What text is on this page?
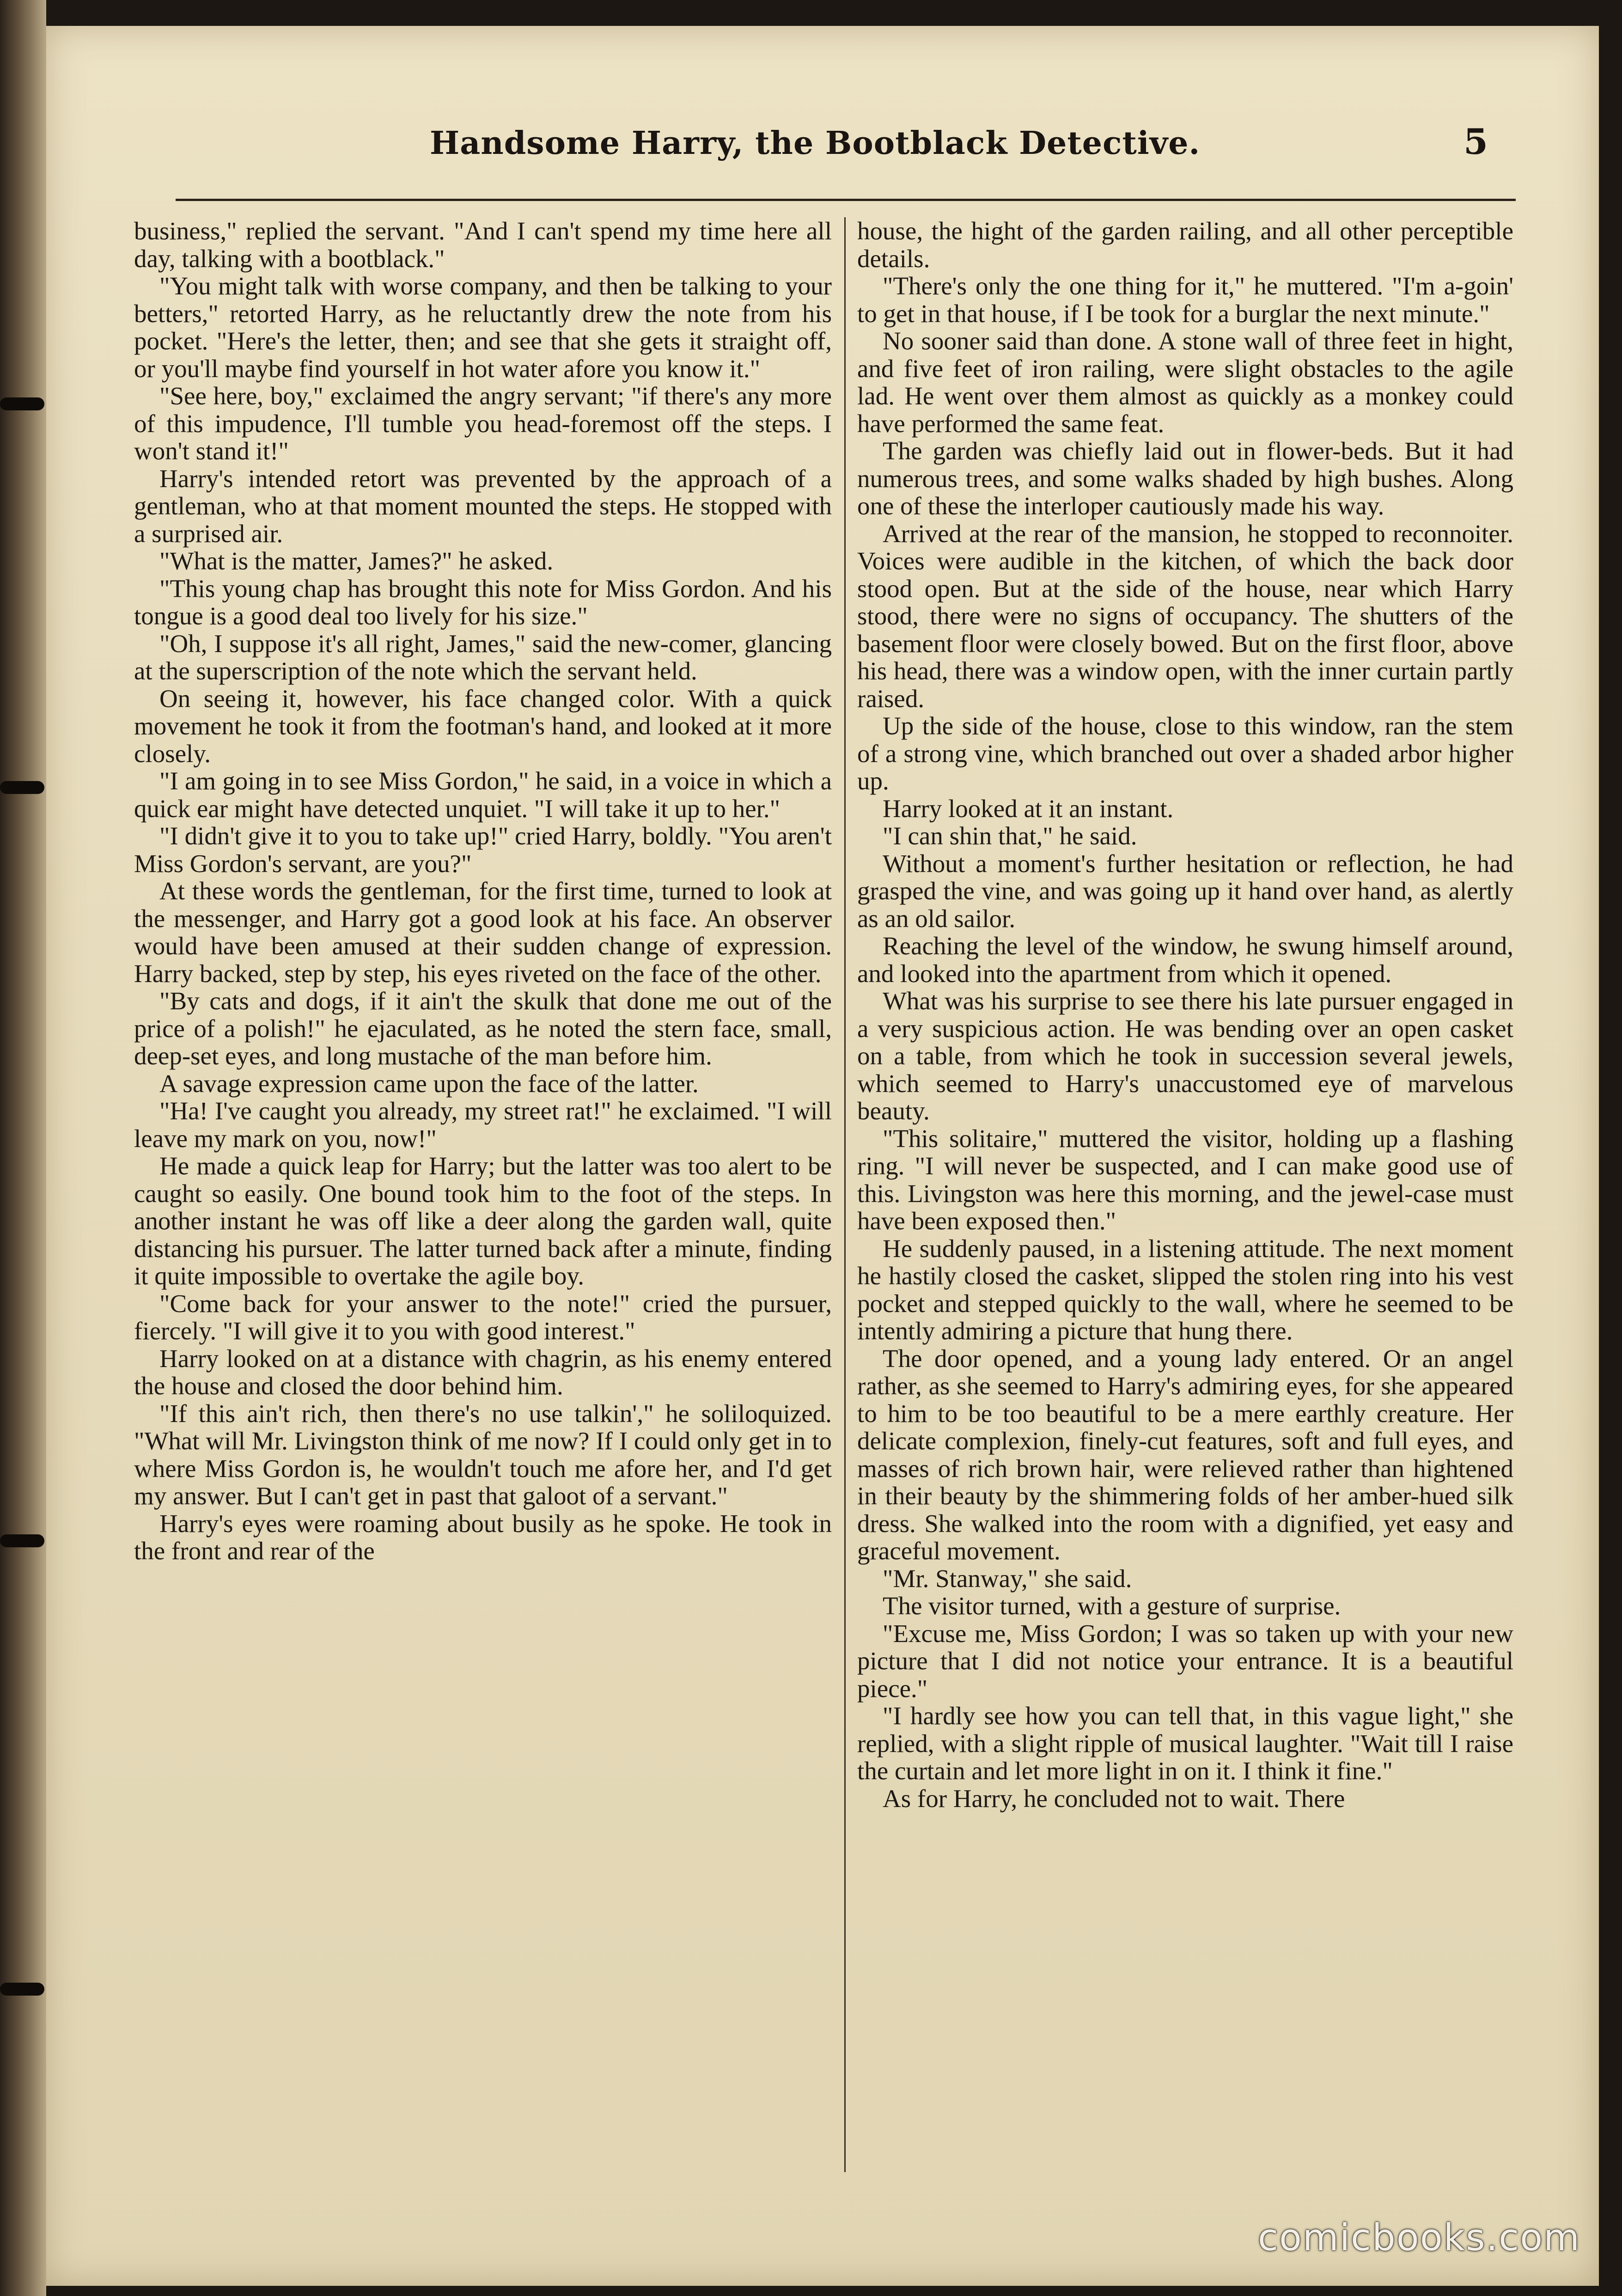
Handsome Harry, the Bootblack Detective.	5

business," replied the servant. "And I can't spend my time here all day, talking with a bootblack."

"You might talk with worse company, and then be talking to your betters," retorted Harry, as he reluctantly drew the note from his pocket. "Here's the letter, then; and see that she gets it straight off, or you'll maybe find yourself in hot water afore you know it."

"See here, boy," exclaimed the angry servant; "if there's any more of this impudence, I'll tumble you head-foremost off the steps. I won't stand it!"

Harry's intended retort was prevented by the approach of a gentleman, who at that moment mounted the steps. He stopped with a surprised air.

"What is the matter, James?" he asked.

"This young chap has brought this note for Miss Gordon. And his tongue is a good deal too lively for his size."

"Oh, I suppose it's all right, James," said the new-comer, glancing at the superscription of the note which the servant held.

On seeing it, however, his face changed color. With a quick movement he took it from the footman's hand, and looked at it more closely.

"I am going in to see Miss Gordon," he said, in a voice in which a quick ear might have detected unquiet. "I will take it up to her."

"I didn't give it to you to take up!" cried Harry, boldly. "You aren't Miss Gordon's servant, are you?"

At these words the gentleman, for the first time, turned to look at the messenger, and Harry got a good look at his face. An observer would have been amused at their sudden change of expression. Harry backed, step by step, his eyes riveted on the face of the other.

"By cats and dogs, if it ain't the skulk that done me out of the price of a polish!" he ejaculated, as he noted the stern face, small, deep-set eyes, and long mustache of the man before him.

A savage expression came upon the face of the latter.

"Ha! I've caught you already, my street rat!" he exclaimed. "I will leave my mark on you, now!"

He made a quick leap for Harry; but the latter was too alert to be caught so easily. One bound took him to the foot of the steps. In another instant he was off like a deer along the garden wall, quite distancing his pursuer. The latter turned back after a minute, finding it quite impossible to overtake the agile boy.

"Come back for your answer to the note!" cried the pursuer, fiercely. "I will give it to you with good interest."

Harry looked on at a distance with chagrin, as his enemy entered the house and closed the door behind him.

"If this ain't rich, then there's no use talkin'," he soliloquized. "What will Mr. Livingston think of me now? If I could only get in to where Miss Gordon is, he wouldn't touch me afore her, and I'd get my answer. But I can't get in past that galoot of a servant."

Harry's eyes were roaming about busily as he spoke. He took in the front and rear of the

house, the hight of the garden railing, and all other perceptible details.

"There's only the one thing for it," he muttered. "I'm a-goin' to get in that house, if I be took for a burglar the next minute."

No sooner said than done. A stone wall of three feet in hight, and five feet of iron railing, were slight obstacles to the agile lad. He went over them almost as quickly as a monkey could have performed the same feat.

The garden was chiefly laid out in flower-beds. But it had numerous trees, and some walks shaded by high bushes. Along one of these the interloper cautiously made his way.

Arrived at the rear of the mansion, he stopped to reconnoiter. Voices were audible in the kitchen, of which the back door stood open. But at the side of the house, near which Harry stood, there were no signs of occupancy. The shutters of the basement floor were closely bowed. But on the first floor, above his head, there was a window open, with the inner curtain partly raised.

Up the side of the house, close to this window, ran the stem of a strong vine, which branched out over a shaded arbor higher up.

Harry looked at it an instant.

"I can shin that," he said.

Without a moment's further hesitation or reflection, he had grasped the vine, and was going up it hand over hand, as alertly as an old sailor.

Reaching the level of the window, he swung himself around, and looked into the apartment from which it opened.

What was his surprise to see there his late pursuer engaged in a very suspicious action. He was bending over an open casket on a table, from which he took in succession several jewels, which seemed to Harry's unaccustomed eye of marvelous beauty.

"This solitaire," muttered the visitor, holding up a flashing ring. "I will never be suspected, and I can make good use of this. Livingston was here this morning, and the jewel-case must have been exposed then."

He suddenly paused, in a listening attitude. The next moment he hastily closed the casket, slipped the stolen ring into his vest pocket and stepped quickly to the wall, where he seemed to be intently admiring a picture that hung there.

The door opened, and a young lady entered. Or an angel rather, as she seemed to Harry's admiring eyes, for she appeared to him to be too beautiful to be a mere earthly creature. Her delicate complexion, finely-cut features, soft and full eyes, and masses of rich brown hair, were relieved rather than hightened in their beauty by the shimmering folds of her amber-hued silk dress. She walked into the room with a dignified, yet easy and graceful movement.

"Mr. Stanway," she said.

The visitor turned, with a gesture of surprise.

"Excuse me, Miss Gordon; I was so taken up with your new picture that I did not notice your entrance. It is a beautiful piece."

"I hardly see how you can tell that, in this vague light," she replied, with a slight ripple of musical laughter. "Wait till I raise the curtain and let more light in on it. I think it fine."

As for Harry, he concluded not to wait. There

comicbooks.com
